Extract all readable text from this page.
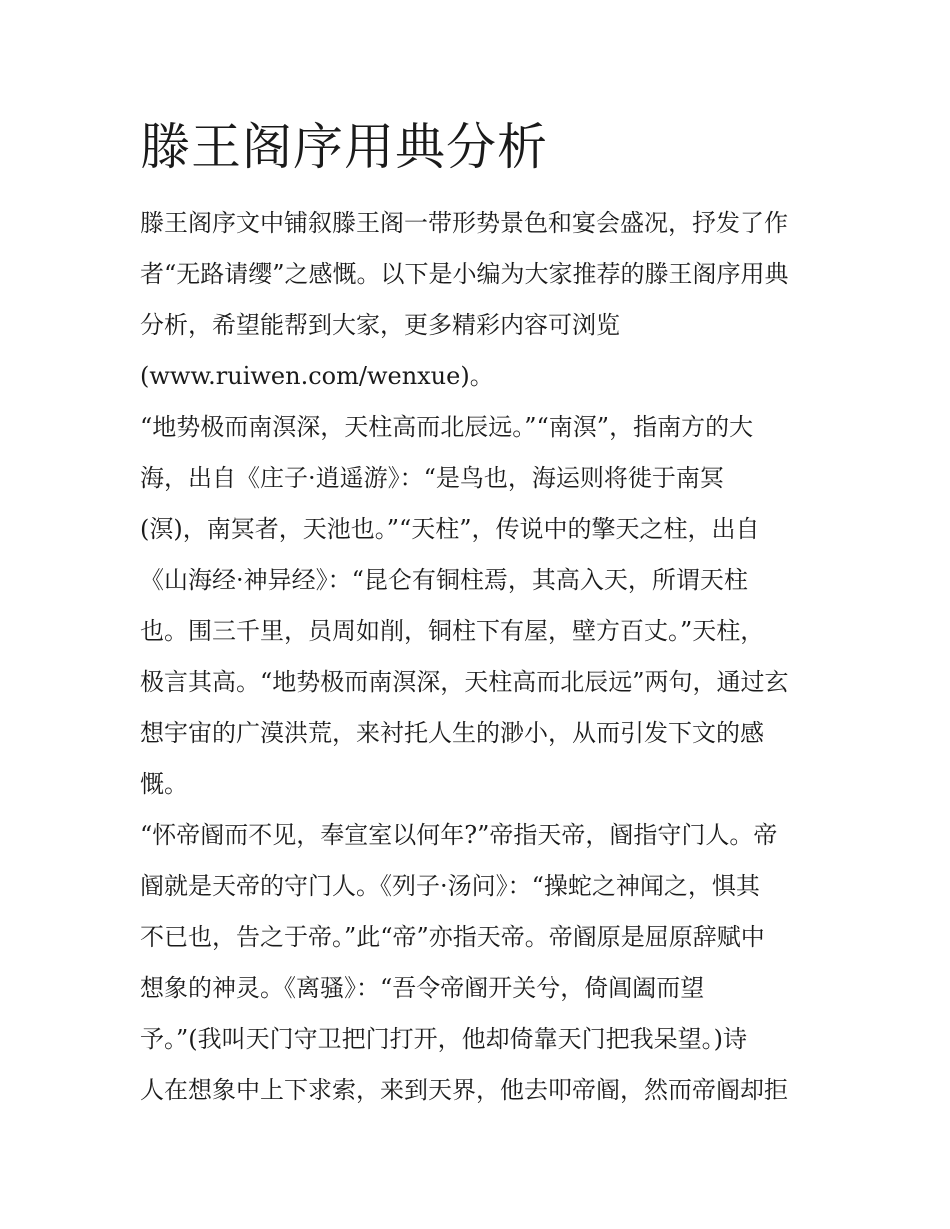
滕王阁序用典分析
滕王阁序文中铺叙滕王阁一带形势景色和宴会盛况，抒发了作
者“无路请缨”之感慨。以下是小编为大家推荐的滕王阁序用典
分析，希望能帮到大家，更多精彩内容可浏览
(www.ruiwen.com/wenxue)。
“地势极而南溟深，天柱高而北辰远。”“南溟”，指南方的大
海，出自《庄子·逍遥游》：“是鸟也，海运则将徙于南冥
(溟)，南冥者，天池也。”“天柱”，传说中的擎天之柱，出自
《山海经·神异经》：“昆仑有铜柱焉，其高入天，所谓天柱
也。围三千里，员周如削，铜柱下有屋，壁方百丈。”天柱，
极言其高。“地势极而南溟深，天柱高而北辰远”两句，通过玄
想宇宙的广漠洪荒，来衬托人生的渺小，从而引发下文的感
慨。
“怀帝阍而不见，奉宣室以何年?”帝指天帝，阍指守门人。帝
阍就是天帝的守门人。《列子·汤问》：“操蛇之神闻之，惧其
不已也，告之于帝。”此“帝”亦指天帝。帝阍原是屈原辞赋中
想象的神灵。《离骚》：“吾令帝阍开关兮，倚阊阖而望
予。”(我叫天门守卫把门打开，他却倚靠天门把我呆望。)诗
人在想象中上下求索，来到天界，他去叩帝阍，然而帝阍却拒
